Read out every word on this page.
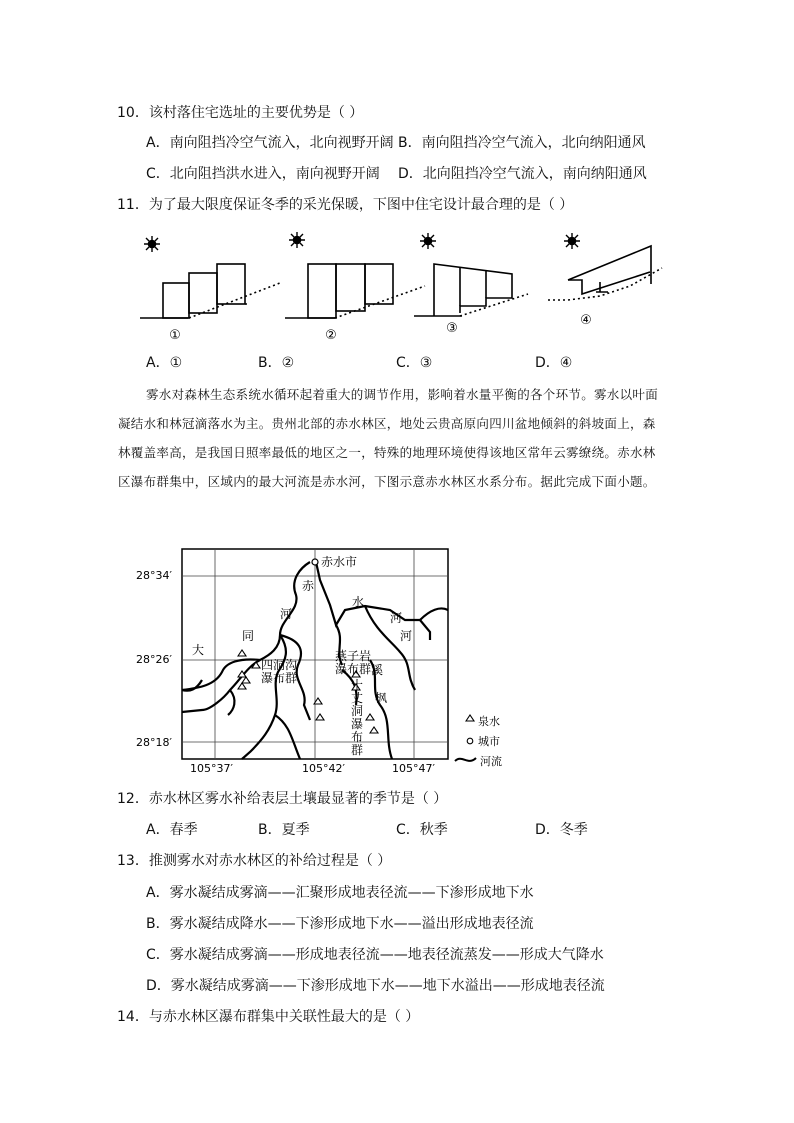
10．该村落住宅选址的主要优势是（ ）
A．南向阻挡冷空气流入，北向视野开阔 B．南向阻挡冷空气流入，北向纳阳通风
C．北向阻挡洪水进入，南向视野开阔 D．北向阻挡冷空气流入，南向纳阳通风
11．为了最大限度保证冬季的采光保暖，下图中住宅设计最合理的是（ ）
①	②	③
④
A．①	B．②	C．③	D．④

雾水对森林生态系统水循环起着重大的调节作用，影响着水量平衡的各个环节。雾水以叶面凝结水和林冠滴落水为主。贵州北部的赤水林区，地处云贵高原向四川盆地倾斜的斜坡面上，森林覆盖率高，是我国日照率最低的地区之一，特殊的地理环境使得该地区常年云雾缭绕。赤水林区瀑布群集中，区域内的最大河流是赤水河，下图示意赤水林区水系分布。据此完成下面小题。

28°34′
28°26′
28°18′
105°37′	105°42′	105°47′
赤水市
赤
河
水
河
河
大
同
四洞沟
瀑布群
燕子岩
瀑布群 溪
枫
十
丈
洞
瀑
布
群
泉水
城市
河流
12．赤水林区雾水补给表层土壤最显著的季节是（ ）
A．春季	B．夏季	C．秋季	D．冬季
13．推测雾水对赤水林区的补给过程是（ ）
A．雾水凝结成雾滴——汇聚形成地表径流——下渗形成地下水
B．雾水凝结成降水——下渗形成地下水——溢出形成地表径流
C．雾水凝结成雾滴——形成地表径流——地表径流蒸发——形成大气降水
D．雾水凝结成雾滴——下渗形成地下水——地下水溢出——形成地表径流
14．与赤水林区瀑布群集中关联性最大的是（ ）
